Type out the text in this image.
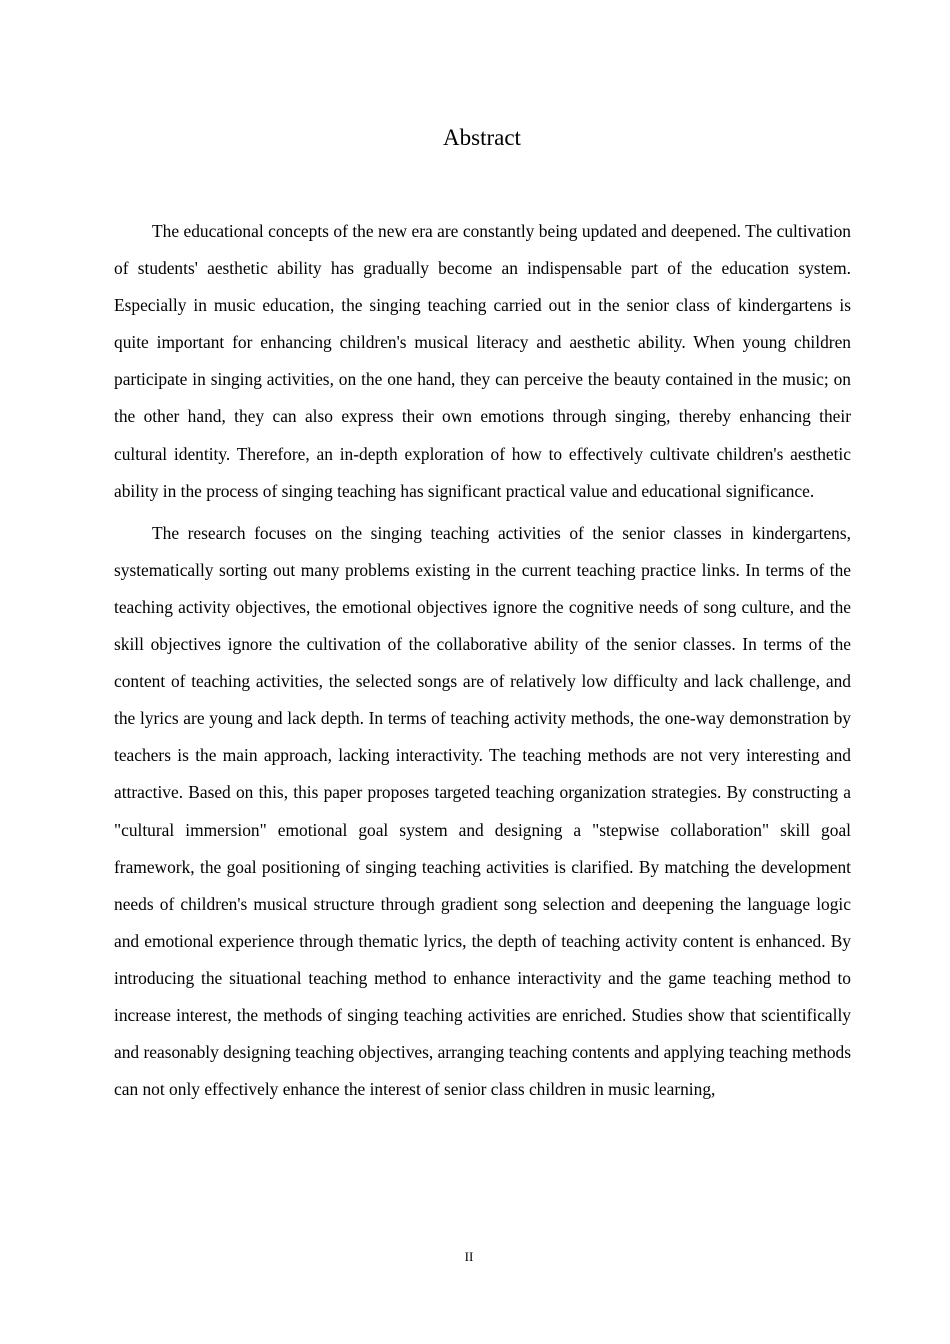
Abstract

The educational concepts of the new era are constantly being updated and deepened. The cultivation of students' aesthetic ability has gradually become an indispensable part of the education system. Especially in music education, the singing teaching carried out in the senior class of kindergartens is quite important for enhancing children's musical literacy and aesthetic ability. When young children participate in singing activities, on the one hand, they can perceive the beauty contained in the music; on the other hand, they can also express their own emotions through singing, thereby enhancing their cultural identity. Therefore, an in-depth exploration of how to effectively cultivate children's aesthetic ability in the process of singing teaching has significant practical value and educational significance.

The research focuses on the singing teaching activities of the senior classes in kindergartens, systematically sorting out many problems existing in the current teaching practice links. In terms of the teaching activity objectives, the emotional objectives ignore the cognitive needs of song culture, and the skill objectives ignore the cultivation of the collaborative ability of the senior classes. In terms of the content of teaching activities, the selected songs are of relatively low difficulty and lack challenge, and the lyrics are young and lack depth. In terms of teaching activity methods, the one-way demonstration by teachers is the main approach, lacking interactivity. The teaching methods are not very interesting and attractive. Based on this, this paper proposes targeted teaching organization strategies. By constructing a "cultural immersion" emotional goal system and designing a "stepwise collaboration" skill goal framework, the goal positioning of singing teaching activities is clarified. By matching the development needs of children's musical structure through gradient song selection and deepening the language logic and emotional experience through thematic lyrics, the depth of teaching activity content is enhanced. By introducing the situational teaching method to enhance interactivity and the game teaching method to increase interest, the methods of singing teaching activities are enriched. Studies show that scientifically and reasonably designing teaching objectives, arranging teaching contents and applying teaching methods can not only effectively enhance the interest of senior class children in music learning,

II
